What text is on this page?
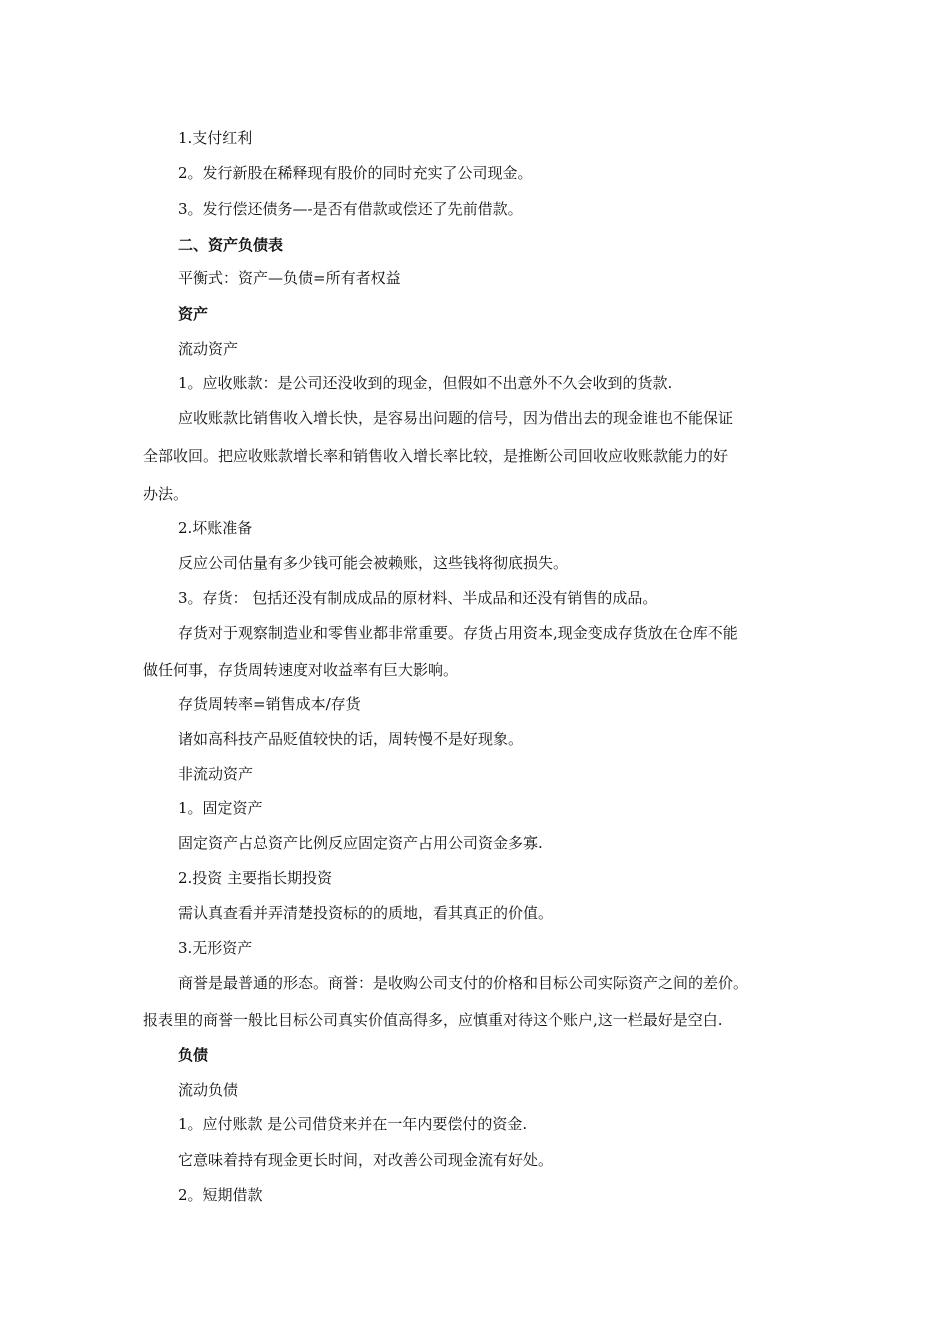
1.支付红利
2。发行新股在稀释现有股价的同时充实了公司现金。
3。发行偿还债务—-是否有借款或偿还了先前借款。
二、资产负债表
平衡式：资产—负债=所有者权益
资产
流动资产
1。应收账款：是公司还没收到的现金，但假如不出意外不久会收到的货款.
应收账款比销售收入增长快，是容易出问题的信号，因为借出去的现金谁也不能保证
全部收回。把应收账款增长率和销售收入增长率比较，是推断公司回收应收账款能力的好
办法。
2.坏账准备
反应公司估量有多少钱可能会被赖账，这些钱将彻底损失。
3。存货： 包括还没有制成成品的原材料、半成品和还没有销售的成品。
存货对于观察制造业和零售业都非常重要。存货占用资本,现金变成存货放在仓库不能
做任何事，存货周转速度对收益率有巨大影响。
存货周转率=销售成本/存货
诸如高科技产品贬值较快的话，周转慢不是好现象。
非流动资产
1。固定资产
固定资产占总资产比例反应固定资产占用公司资金多寡.
2.投资 主要指长期投资
需认真查看并弄清楚投资标的的质地，看其真正的价值。
3.无形资产
商誉是最普通的形态。商誉：是收购公司支付的价格和目标公司实际资产之间的差价。
报表里的商誉一般比目标公司真实价值高得多，应慎重对待这个账户,这一栏最好是空白.
负债
流动负债
1。应付账款 是公司借贷来并在一年内要偿付的资金.
它意味着持有现金更长时间，对改善公司现金流有好处。
2。短期借款
